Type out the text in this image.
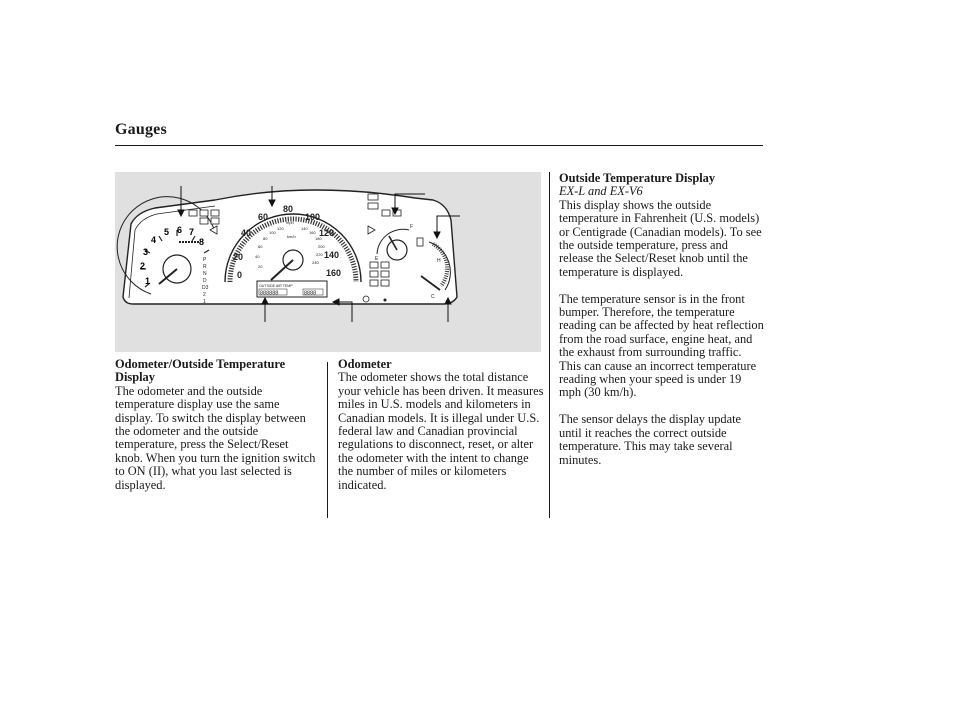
Gauges
1
2
3
4
5 6 7
8
P
R
N
D
D3
2
1
0
20
40
60
80
100
120
140
160
mph
km/h
20
40
60
80
100
120	140
160
180
200
220
240
OUTSIDE AIR TEMP
888888	8888
F
E	H
C
Odometer/Outside Temperature Display

The odometer and the outside temperature display use the same display. To switch the display between the odometer and the outside temperature, press the Select/Reset knob. When you turn the ignition switch to ON (II), what you last selected is displayed.

Odometer

The odometer shows the total distance your vehicle has been driven. It measures miles in U.S. models and kilometers in Canadian models. It is illegal under U.S. federal law and Canadian provincial regulations to disconnect, reset, or alter the odometer with the intent to change the number of miles or kilometers indicated.

Outside Temperature Display

EX-L and EX-V6

This display shows the outside temperature in Fahrenheit (U.S. models) or Centigrade (Canadian models). To see the outside temperature, press and release the Select/Reset knob until the temperature is displayed.

The temperature sensor is in the front bumper. Therefore, the temperature reading can be affected by heat reflection from the road surface, engine heat, and the exhaust from surrounding traffic. This can cause an incorrect temperature reading when your speed is under 19 mph (30 km/h).

The sensor delays the display update until it reaches the correct outside temperature. This may take several minutes.
